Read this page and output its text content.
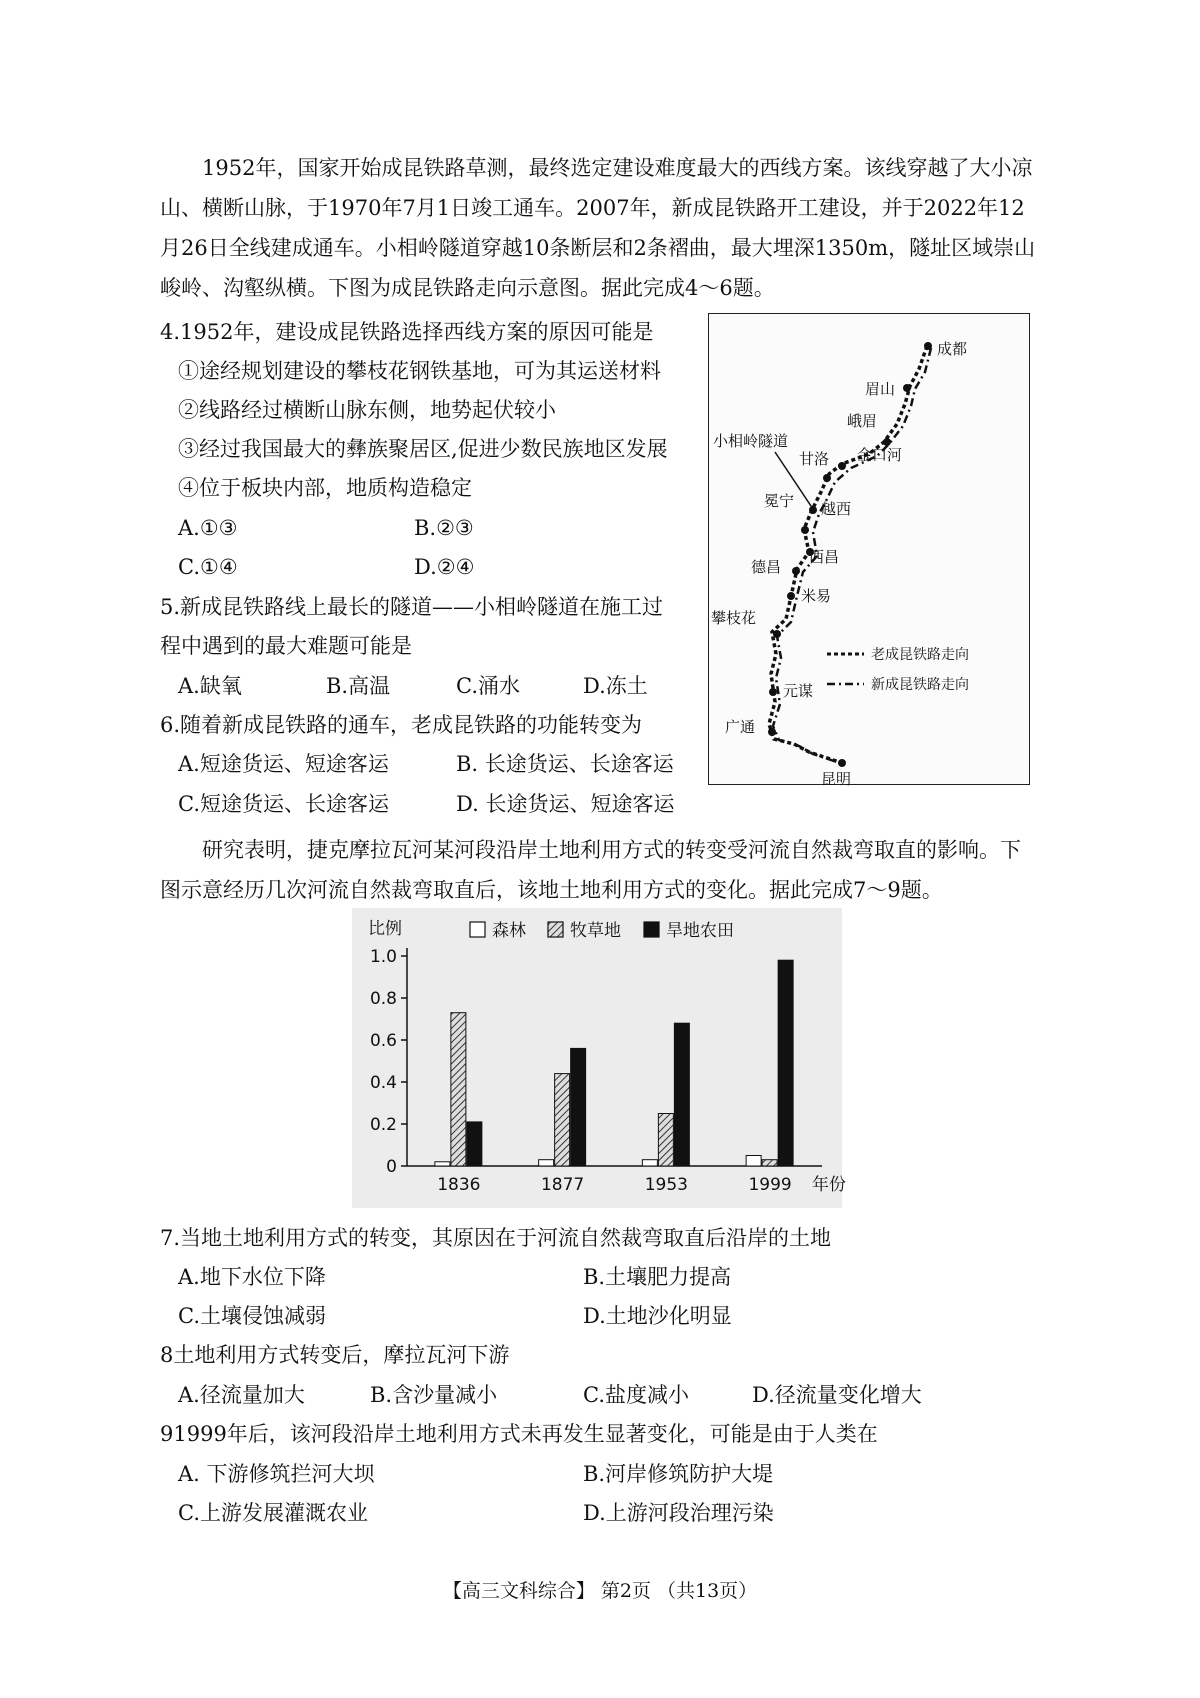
1952年，国家开始成昆铁路草测，最终选定建设难度最大的西线方案。该线穿越了大小凉山、横断山脉，于1970年7月1日竣工通车。2007年，新成昆铁路开工建设，并于2022年12月26日全线建成通车。小相岭隧道穿越10条断层和2条褶曲，最大埋深1350m，隧址区域崇山峻岭、沟壑纵横。下图为成昆铁路走向示意图。据此完成4～6题。
4.1952年，建设成昆铁路选择西线方案的原因可能是
①途经规划建设的攀枝花钢铁基地，可为其运送材料
②线路经过横断山脉东侧，地势起伏较小
③经过我国最大的彝族聚居区,促进少数民族地区发展
④位于板块内部，地质构造稳定
A.①③	B.②③
C.①④	D.②④
5.新成昆铁路线上最长的隧道——小相岭隧道在施工过
程中遇到的最大难题可能是
A.缺氧	B.高温	C.涌水	D.冻土
6.随着新成昆铁路的通车，老成昆铁路的功能转变为
A.短途货运、短途客运	B. 长途货运、长途客运
C.短途货运、长途客运	D. 长途货运、短途客运
成都
眉山
峨眉
金口河
甘洛
越西
冕宁
西昌
德昌
米易
攀枝花
元谋
广通
昆明
小相岭隧道
老成昆铁路走向
新成昆铁路走向
研究表明，捷克摩拉瓦河某河段沿岸土地利用方式的转变受河流自然裁弯取直的影响。下图示意经历几次河流自然裁弯取直后，该地土地利用方式的变化。据此完成7～9题。
0
0.2
0.4
0.6
0.8
1.0
比例
1836	1877	1953	1999 年份
森林	牧草地	旱地农田
7.当地土地利用方式的转变，其原因在于河流自然裁弯取直后沿岸的土地
A.地下水位下降	B.土壤肥力提高
C.土壤侵蚀减弱	D.土地沙化明显
8土地利用方式转变后，摩拉瓦河下游
A.径流量加大	B.含沙量减小	C.盐度减小	D.径流量变化增大
91999年后，该河段沿岸土地利用方式未再发生显著变化，可能是由于人类在
A. 下游修筑拦河大坝	B.河岸修筑防护大堤
C.上游发展灌溉农业	D.上游河段治理污染
【高三文科综合】 第2页 （共13页）
